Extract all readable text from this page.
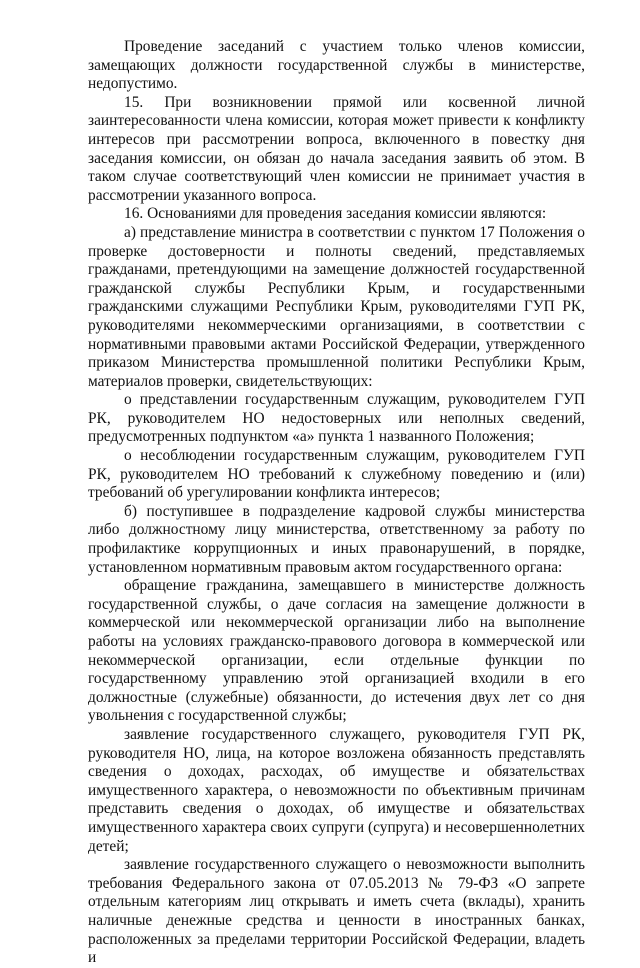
Проведение заседаний с участием только членов комиссии, замещающих должности государственной службы в министерстве, недопустимо.

15. При возникновении прямой или косвенной личной заинтересованности члена комиссии, которая может привести к конфликту интересов при рассмотрении вопроса, включенного в повестку дня заседания комиссии, он обязан до начала заседания заявить об этом. В таком случае соответствующий член комиссии не принимает участия в рассмотрении указанного вопроса.

16. Основаниями для проведения заседания комиссии являются:

а) представление министра в соответствии с пунктом 17 Положения о проверке достоверности и полноты сведений, представляемых гражданами, претендующими на замещение должностей государственной гражданской службы Республики Крым, и государственными гражданскими служащими Республики Крым, руководителями ГУП РК, руководителями некоммерческими организациями, в соответствии с нормативными правовыми актами Российской Федерации, утвержденного приказом Министерства промышленной политики Республики Крым, материалов проверки, свидетельствующих:

о представлении государственным служащим, руководителем ГУП РК, руководителем НО недостоверных или неполных сведений, предусмотренных подпунктом «а» пункта 1 названного Положения;

о несоблюдении государственным служащим, руководителем ГУП РК, руководителем НО требований к служебному поведению и (или) требований об урегулировании конфликта интересов;

б) поступившее в подразделение кадровой службы министерства либо должностному лицу министерства, ответственному за работу по профилактике коррупционных и иных правонарушений, в порядке, установленном нормативным правовым актом государственного органа:

обращение гражданина, замещавшего в министерстве должность государственной службы, о даче согласия на замещение должности в коммерческой или некоммерческой организации либо на выполнение работы на условиях гражданско-правового договора в коммерческой или некоммерческой организации, если отдельные функции по государственному управлению этой организацией входили в его должностные (служебные) обязанности, до истечения двух лет со дня увольнения с государственной службы;

заявление государственного служащего, руководителя ГУП РК, руководителя НО, лица, на которое возложена обязанность представлять сведения о доходах, расходах, об имуществе и обязательствах имущественного характера, о невозможности по объективным причинам представить сведения о доходах, об имуществе и обязательствах имущественного характера своих супруги (супруга) и несовершеннолетних детей;

заявление государственного служащего о невозможности выполнить требования Федерального закона от 07.05.2013 № 79-ФЗ «О запрете отдельным категориям лиц открывать и иметь счета (вклады), хранить наличные денежные средства и ценности в иностранных банках, расположенных за пределами территории Российской Федерации, владеть и
